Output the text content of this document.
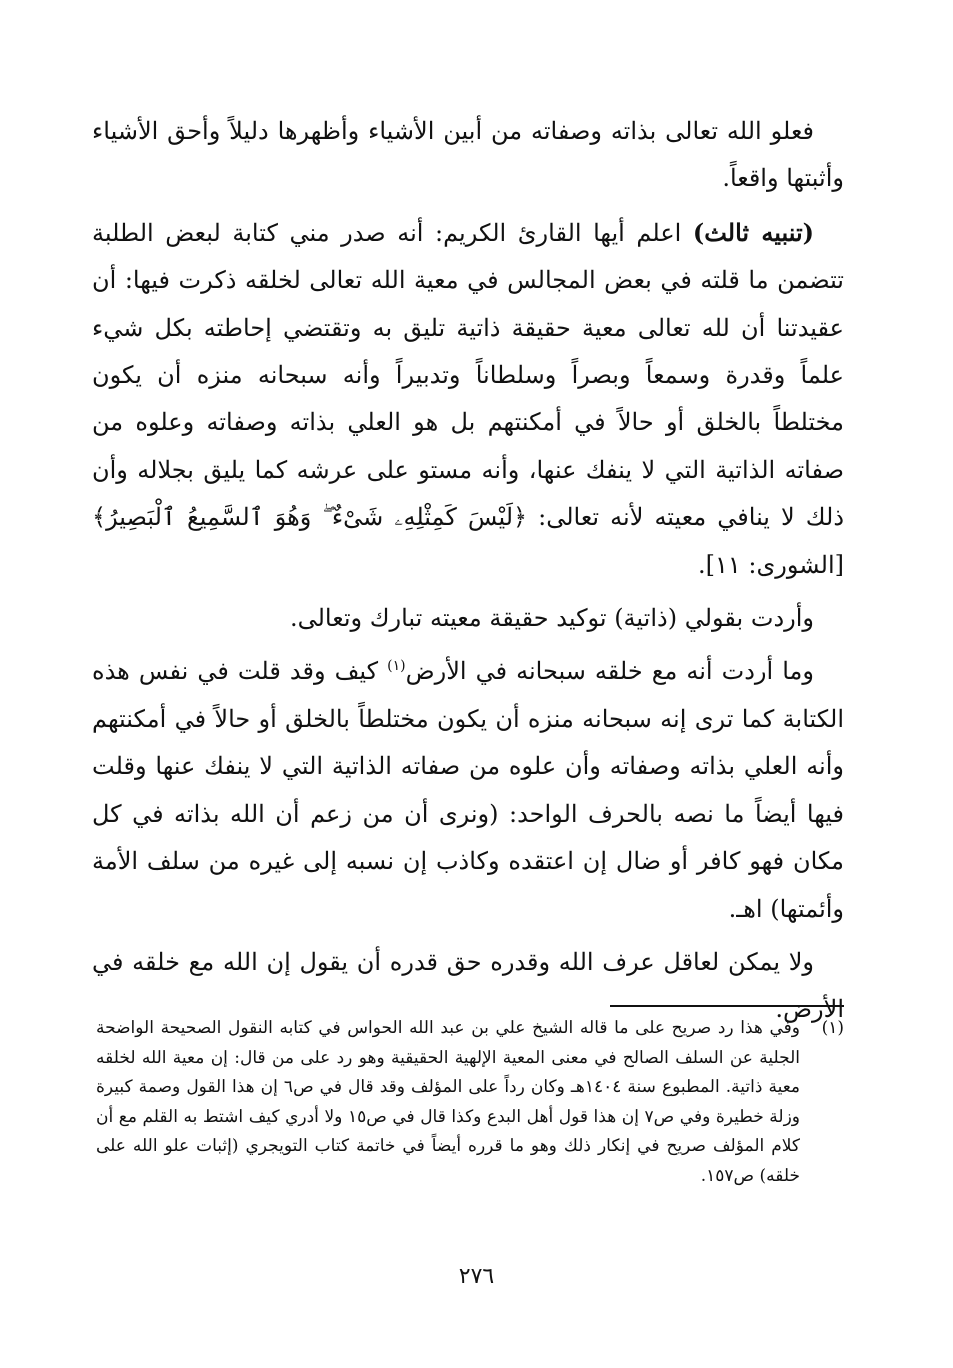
فعلو الله تعالى بذاته وصفاته من أبين الأشياء وأظهرها دليلاً وأحق الأشياء وأثبتها واقعاً.

(تنبيه ثالث) اعلم أيها القارئ الكريم: أنه صدر مني كتابة لبعض الطلبة تتضمن ما قلته في بعض المجالس في معية الله تعالى لخلقه ذكرت فيها: أن عقيدتنا أن لله تعالى معية حقيقة ذاتية تليق به وتقتضي إحاطته بكل شيء علماً وقدرة وسمعاً وبصراً وسلطاناً وتدبيراً وأنه سبحانه منزه أن يكون مختلطاً بالخلق أو حالاً في أمكنتهم بل هو العلي بذاته وصفاته وعلوه من صفاته الذاتية التي لا ينفك عنها، وأنه مستو على عرشه كما يليق بجلاله وأن ذلك لا ينافي معيته لأنه تعالى: ﴿لَيْسَ كَمِثْلِهِۦ شَىْءٌ ۖ وَهُوَ ٱلسَّمِيعُ ٱلْبَصِيرُ﴾ [الشورى: ١١].

وأردت بقولي (ذاتية) توكيد حقيقة معيته تبارك وتعالى.

وما أردت أنه مع خلقه سبحانه في الأرض$^{(١)}$ كيف وقد قلت في نفس هذه الكتابة كما ترى إنه سبحانه منزه أن يكون مختلطاً بالخلق أو حالاً في أمكنتهم وأنه العلي بذاته وصفاته وأن علوه من صفاته الذاتية التي لا ينفك عنها وقلت فيها أيضاً ما نصه بالحرف الواحد: (ونرى أن من زعم أن الله بذاته في كل مكان فهو كافر أو ضال إن اعتقده وكاذب إن نسبه إلى غيره من سلف الأمة وأئمتها) اهـ.

ولا يمكن لعاقل عرف الله وقدره حق قدره أن يقول إن الله مع خلقه في الأرض.

(١)
وفي هذا رد صريح على ما قاله الشيخ علي بن عبد الله الحواس في كتابه النقول الصحيحة الواضحة الجلية عن السلف الصالح في معنى المعية الإلهية الحقيقية وهو رد على من قال: إن معية الله لخلقه معية ذاتية. المطبوع سنة ١٤٠٤هـ وكان رداً على المؤلف وقد قال في ص٦ إن هذا القول وصمة كبيرة وزلة خطيرة وفي ص٧ إن هذا قول أهل البدع وكذا قال في ص١٥ ولا أدري كيف اشتط به القلم مع أن كلام المؤلف صريح في إنكار ذلك وهو ما قرره أيضاً في خاتمة كتاب التويجري (إثبات علو الله على خلقه) ص١٥٧.
٢٧٦
